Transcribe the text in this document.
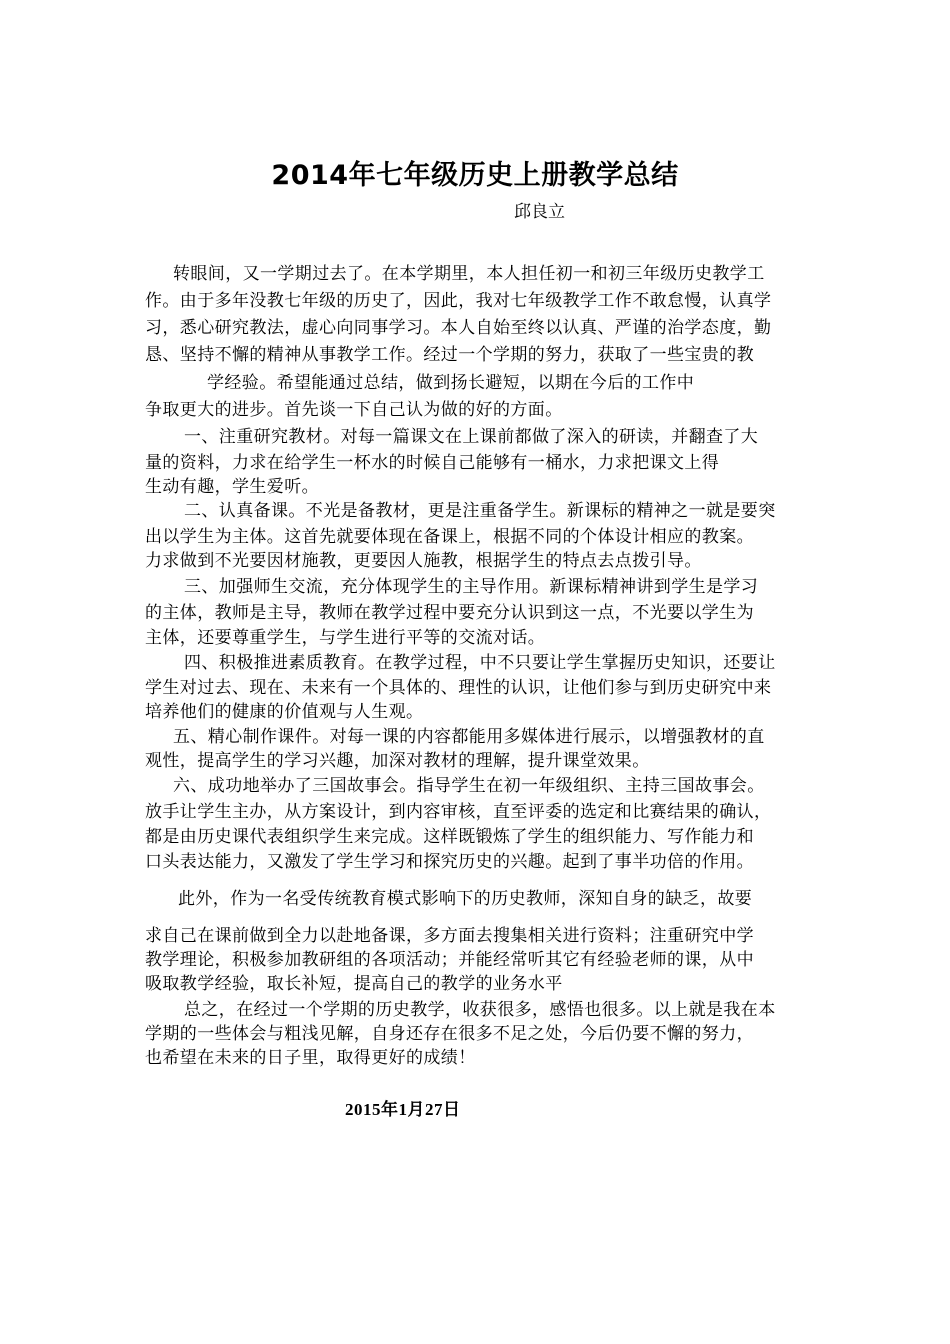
2014年七年级历史上册教学总结
邱良立
转眼间，又一学期过去了。在本学期里，本人担任初一和初三年级历史教学工
作。由于多年没教七年级的历史了，因此，我对七年级教学工作不敢怠慢，认真学
习，悉心研究教法，虚心向同事学习。本人自始至终以认真、严谨的治学态度，勤
恳、坚持不懈的精神从事教学工作。经过一个学期的努力，获取了一些宝贵的教
学经验。希望能通过总结，做到扬长避短，以期在今后的工作中
争取更大的进步。首先谈一下自己认为做的好的方面。
一、注重研究教材。对每一篇课文在上课前都做了深入的研读，并翻查了大
量的资料，力求在给学生一杯水的时候自己能够有一桶水，力求把课文上得
生动有趣，学生爱听。
二、认真备课。不光是备教材，更是注重备学生。新课标的精神之一就是要突
出以学生为主体。这首先就要体现在备课上，根据不同的个体设计相应的教案。
力求做到不光要因材施教，更要因人施教，根据学生的特点去点拨引导。
三、加强师生交流，充分体现学生的主导作用。新课标精神讲到学生是学习
的主体，教师是主导，教师在教学过程中要充分认识到这一点，不光要以学生为
主体，还要尊重学生，与学生进行平等的交流对话。
四、积极推进素质教育。在教学过程，中不只要让学生掌握历史知识，还要让
学生对过去、现在、未来有一个具体的、理性的认识，让他们参与到历史研究中来
培养他们的健康的价值观与人生观。
五、精心制作课件。对每一课的内容都能用多媒体进行展示，以增强教材的直
观性，提高学生的学习兴趣，加深对教材的理解，提升课堂效果。
六、成功地举办了三国故事会。指导学生在初一年级组织、主持三国故事会。
放手让学生主办，从方案设计，到内容审核，直至评委的选定和比赛结果的确认，
都是由历史课代表组织学生来完成。这样既锻炼了学生的组织能力、写作能力和
口头表达能力，又激发了学生学习和探究历史的兴趣。起到了事半功倍的作用。
此外，作为一名受传统教育模式影响下的历史教师，深知自身的缺乏，故要
求自己在课前做到全力以赴地备课，多方面去搜集相关进行资料；注重研究中学
教学理论，积极参加教研组的各项活动；并能经常听其它有经验老师的课，从中
吸取教学经验，取长补短，提高自己的教学的业务水平
总之，在经过一个学期的历史教学，收获很多，感悟也很多。以上就是我在本
学期的一些体会与粗浅见解，自身还存在很多不足之处，今后仍要不懈的努力，
也希望在未来的日子里，取得更好的成绩！
2015年1月27日
